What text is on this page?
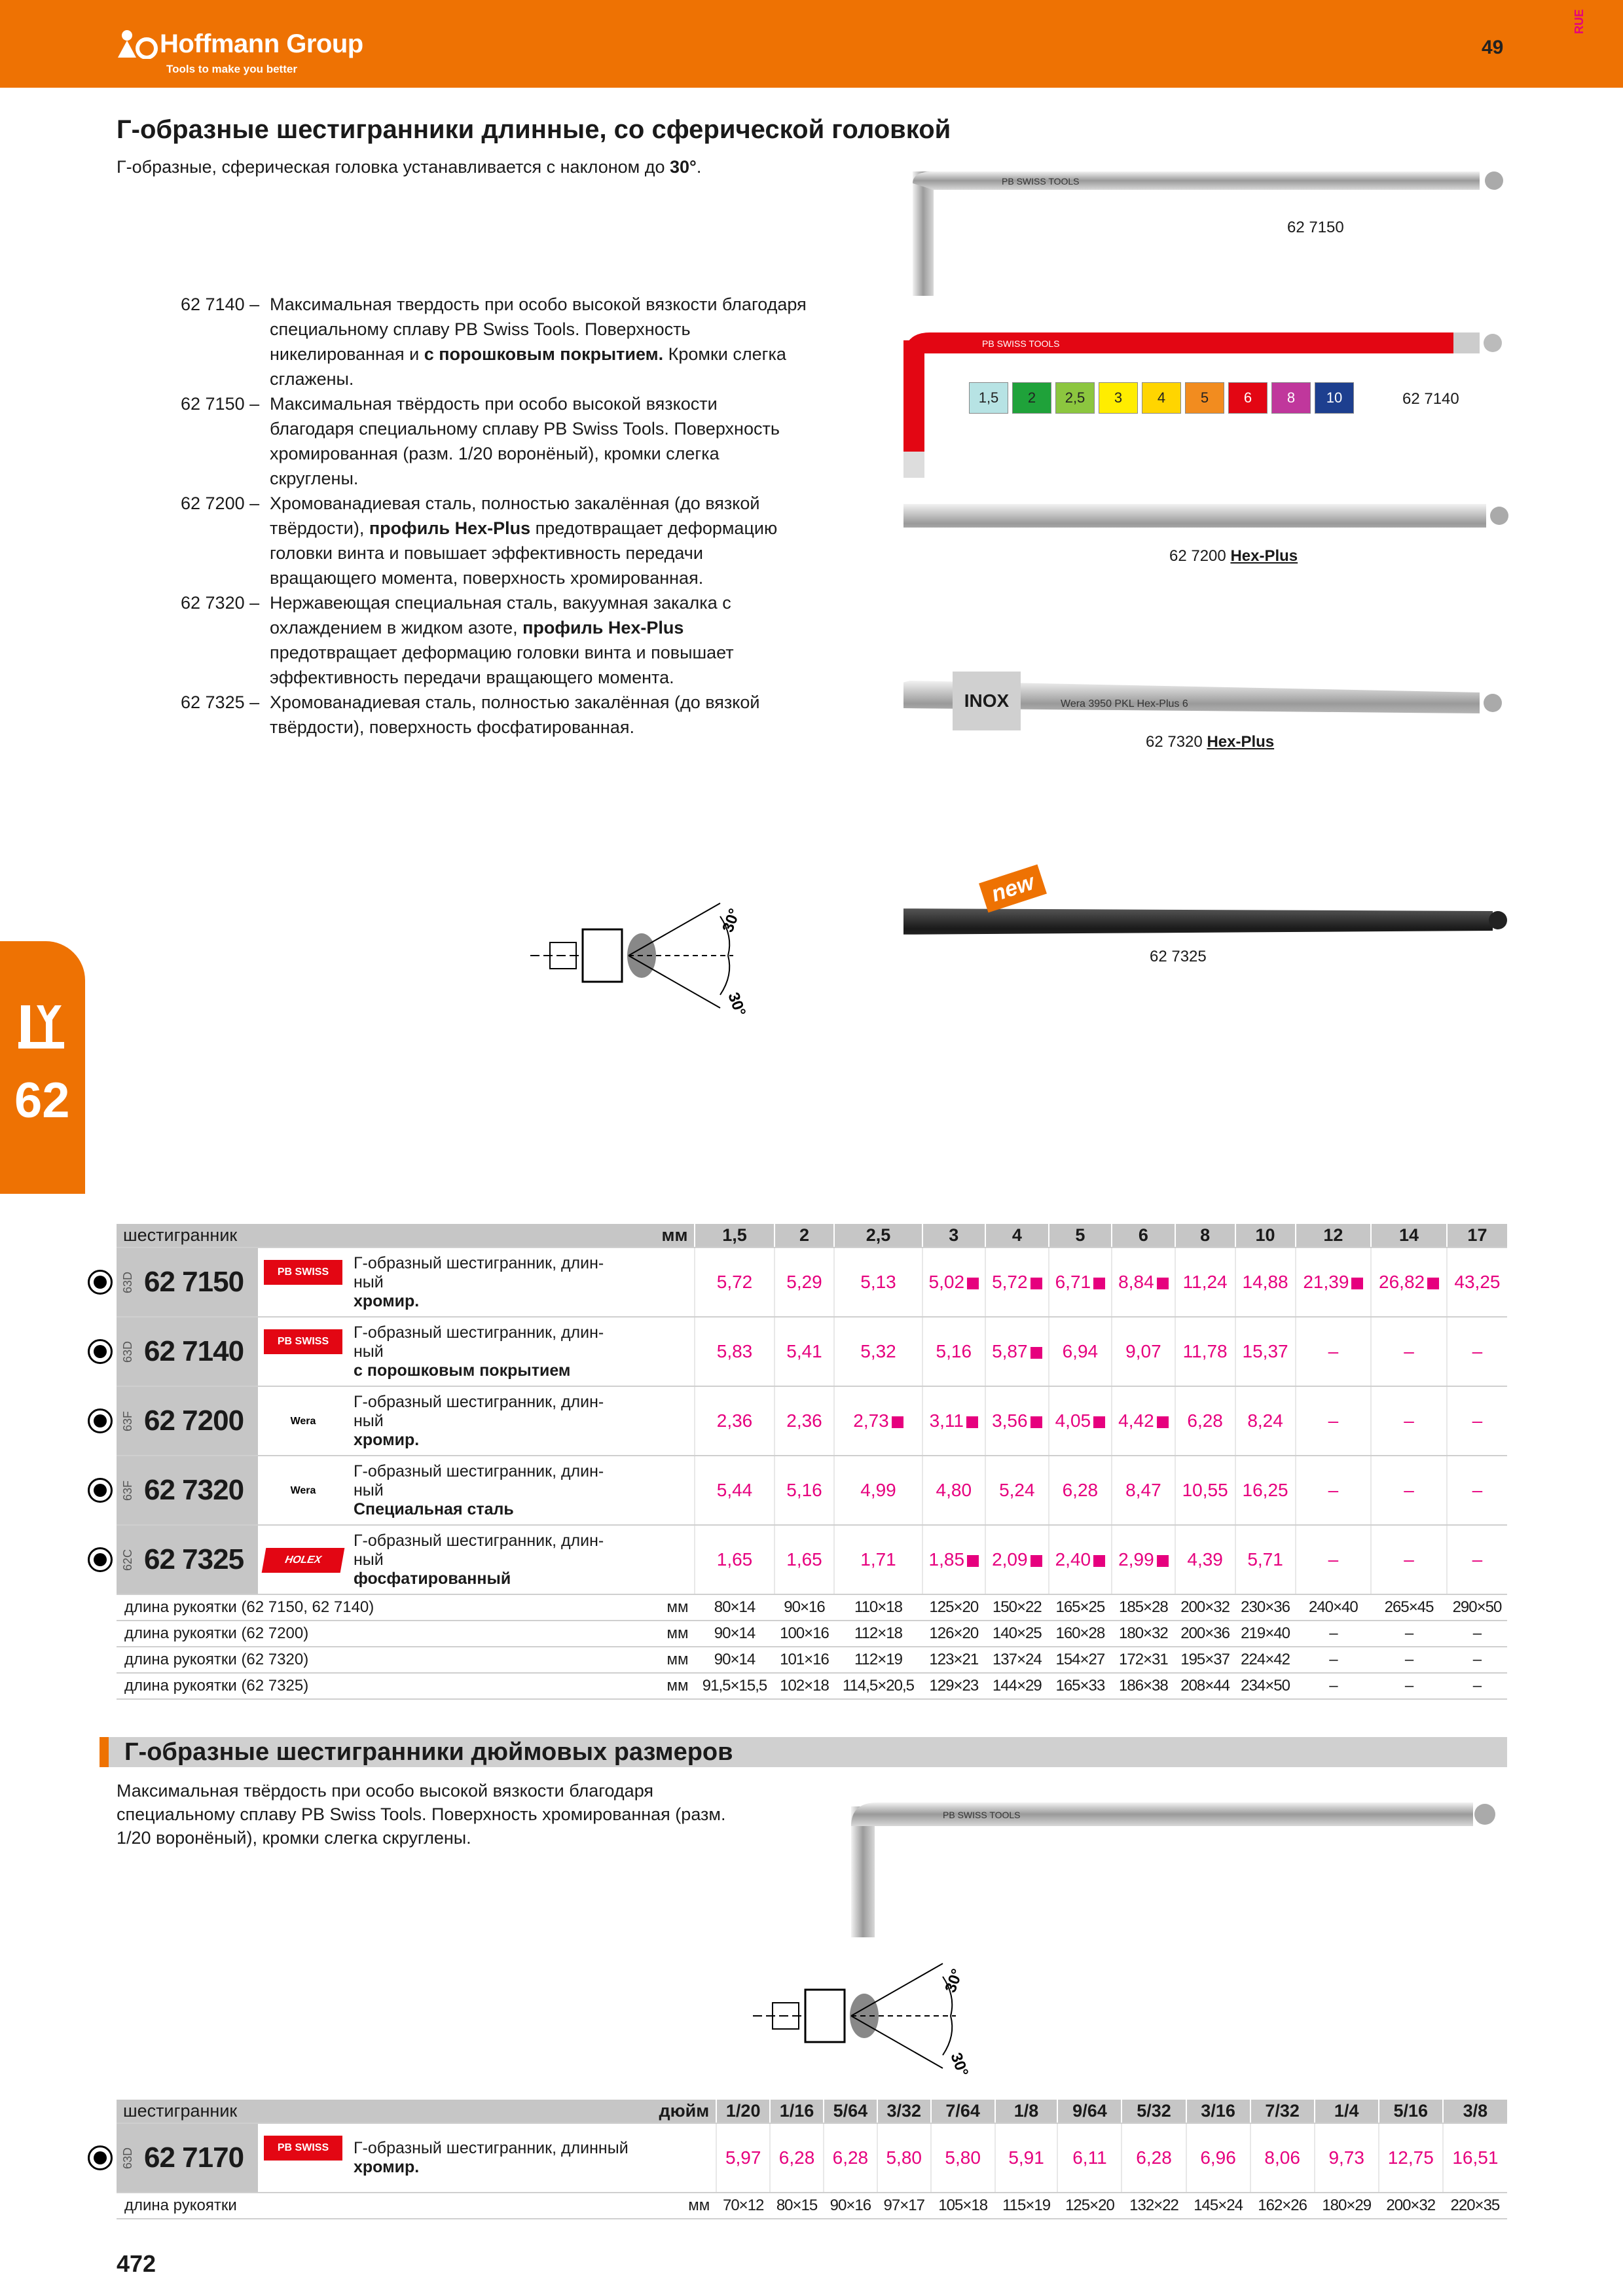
Hoffmann Group
Tools to make you better
49
RUE
62
Г-образные шестигранники длинные, со сферической головкой
Г-образные, сферическая головка устанавливается с наклоном до 30°.
62 7140 – Максимальная твердость при особо высокой вязкости благодаря специальному сплаву PB Swiss Tools. Поверхность никелированная и с порошковым покрытием. Кромки слегка сглажены.
62 7150 – Максимальная твёрдость при особо высокой вязкости благодаря специальному сплаву PB Swiss Tools. Поверхность хромированная (разм. 1/20 воронёный), кромки слегка скруглены.
62 7200 – Хромованадиевая сталь, полностью закалённая (до вязкой твёрдости), профиль Hex-Plus предотвращает деформацию головки винта и повышает эффективность передачи вращающего момента, поверхность хромированная.
62 7320 – Нержавеющая специальная сталь, вакуумная закалка с охлаждением в жидком азоте, профиль Hex-Plus предотвращает деформацию головки винта и повышает эффективность передачи вращающего момента.
62 7325 – Хромованадиевая сталь, полностью закалённая (до вязкой твёрдости), поверхность фосфатированная.
PB SWISS TOOLS
PB SWISS TOOLS
Wera 3950 PKL Hex-Plus 6
62 7150
1,5	2	2,5	3	4	5	6	8	10	62 7140
62 7200 Hex-Plus
INOX
62 7320 Hex-Plus
new
62 7325
30°
30°
шестигранник				мм	1,5	2	2,5	3	4	5	6	8	10	12	14	17
63D	62 7150	PB SWISS TOOLS	Г-образный шестигранник, длин-
ный
хромир.		5,72	5,29	5,13	5,02	5,72	6,71	8,84	11,24	14,88	21,39	26,82	43,25
63D	62 7140	PB SWISS TOOLS	Г-образный шестигранник, длин-
ный
с порошковым покрытием		5,83	5,41	5,32	5,16	5,87	6,94	9,07	11,78	15,37	–	–	–
63F	62 7200	Wera	Г-образный шестигранник, длин-
ный
хромир.		2,36	2,36	2,73	3,11	3,56	4,05	4,42	6,28	8,24	–	–	–
63F	62 7320	Wera	Г-образный шестигранник, длин-
ный
Специальная сталь		5,44	5,16	4,99	4,80	5,24	6,28	8,47	10,55	16,25	–	–	–
62C	62 7325	HOLEX	Г-образный шестигранник, длин-
ный
фосфатированный		1,65	1,65	1,71	1,85	2,09	2,40	2,99	4,39	5,71	–	–	–
длина рукоятки (62 7150, 62 7140)				мм	80×14	90×16	110×18	125×20	150×22	165×25	185×28	200×32	230×36	240×40	265×45	290×50
длина рукоятки (62 7200)				мм	90×14	100×16	112×18	126×20	140×25	160×28	180×32	200×36	219×40	–	–	–
длина рукоятки (62 7320)				мм	90×14	101×16	112×19	123×21	137×24	154×27	172×31	195×37	224×42	–	–	–
длина рукоятки (62 7325)				мм	91,5×15,5	102×18	114,5×20,5	129×23	144×29	165×33	186×38	208×44	234×50	–	–	–
Г-образные шестигранники дюймовых размеров
Максимальная твёрдость при особо высокой вязкости благодаря специальному сплаву PB Swiss Tools. Поверхность хромированная (разм. 1/20 воронёный), кромки слегка скруглены.
PB SWISS TOOLS
30°
30°
шестигранник			дюйм	1/20	1/16	5/64	3/32	7/64	1/8	9/64	5/32	3/16	7/32	1/4	5/16	3/8
63D	62 7170	PB SWISS TOOLS	Г-образный шестигранник, длинный
хромир.	5,97	6,28	6,28	5,80	5,80	5,91	6,11	6,28	6,96	8,06	9,73	12,75	16,51
длина рукоятки			мм	70×12	80×15	90×16	97×17	105×18	115×19	125×20	132×22	145×24	162×26	180×29	200×32	220×35
472
